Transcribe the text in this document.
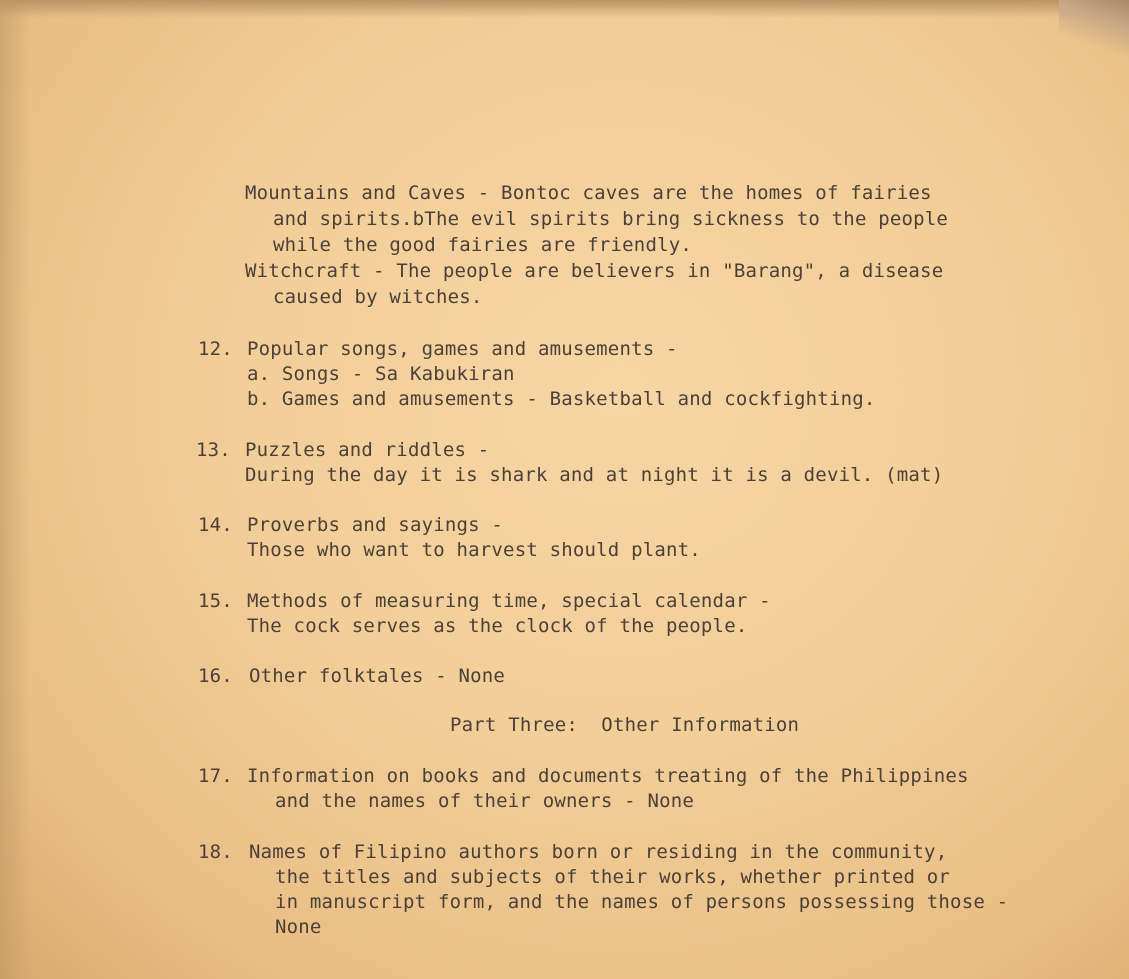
Mountains and Caves - Bontoc caves are the homes of fairies
and spirits.bThe evil spirits bring sickness to the people
while the good fairies are friendly.
Witchcraft - The people are believers in "Barang", a disease
caused by witches.
12. Popular songs, games and amusements -
a. Songs - Sa Kabukiran
b. Games and amusements - Basketball and cockfighting.
13. Puzzles and riddles -
During the day it is shark and at night it is a devil. (mat)
14. Proverbs and sayings -
Those who want to harvest should plant.
15. Methods of measuring time, special calendar -
The cock serves as the clock of the people.
16. Other folktales - None
Part Three:  Other Information
17. Information on books and documents treating of the Philippines
and the names of their owners - None
18. Names of Filipino authors born or residing in the community,
the titles and subjects of their works, whether printed or
in manuscript form, and the names of persons possessing those -
None
